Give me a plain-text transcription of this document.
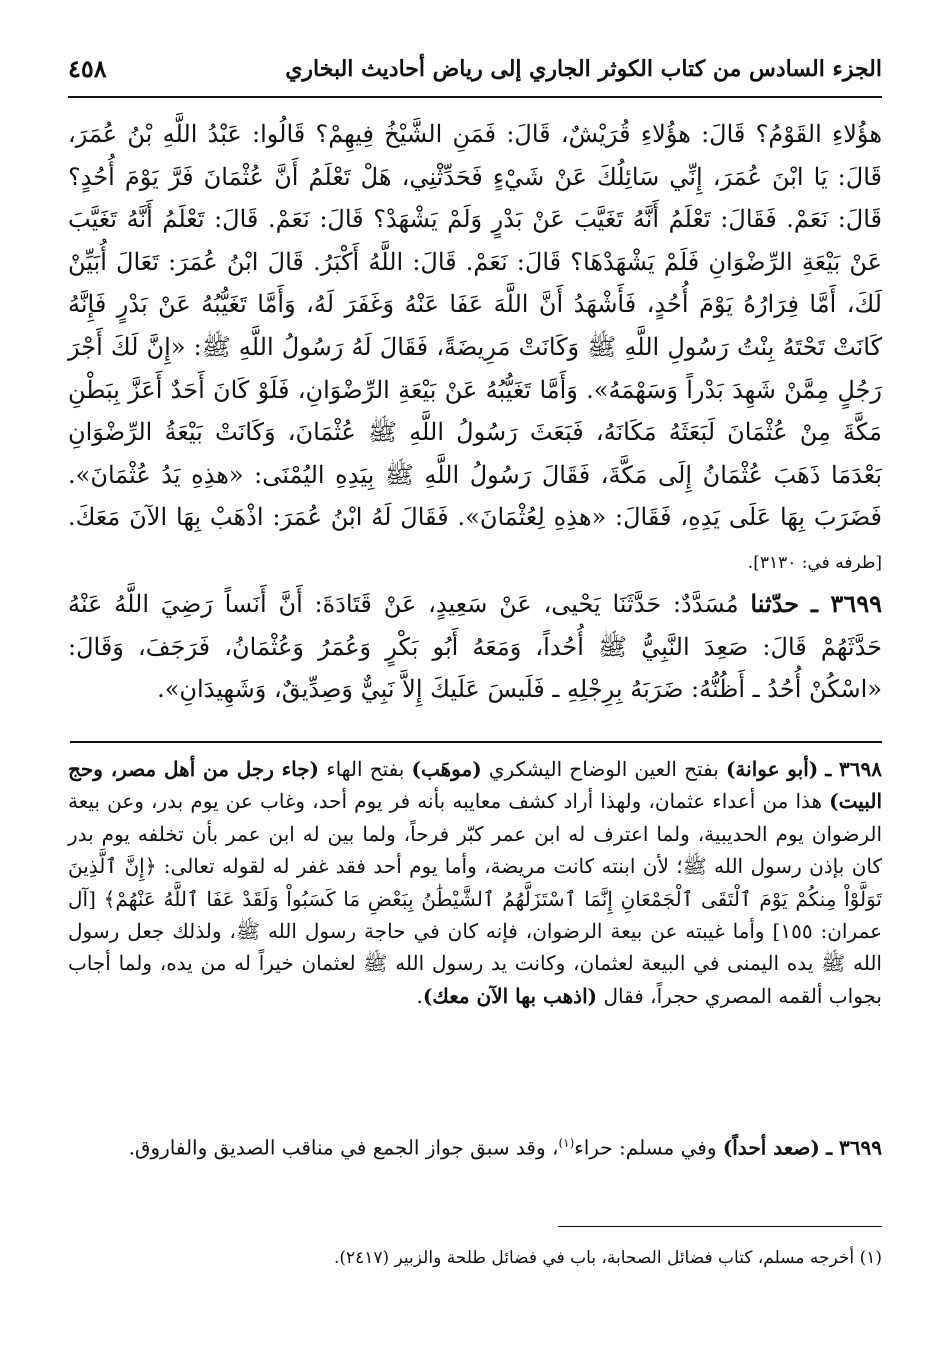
الجزء السادس من كتاب الكوثر الجاري إلى رياض أحاديث البخاري
٤٥٨
هؤُلاءِ القَوْمُ؟ قَالَ: هؤُلاءِ قُرَيْشٌ، قَالَ: فَمَنِ الشَّيْخُ فِيهِمْ؟ قَالُوا: عَبْدُ اللَّهِ بْنُ عُمَرَ، قَالَ: يَا ابْنَ عُمَرَ، إِنِّي سَائِلُكَ عَنْ شَيْءٍ فَحَدِّثْنِي، هَلْ تَعْلَمُ أَنَّ عُثْمَانَ فَرَّ يَوْمَ أُحُدٍ؟ قَالَ: نَعَمْ. فَقَالَ: تَعْلَمُ أَنَّهُ تَغَيَّبَ عَنْ بَدْرٍ وَلَمْ يَشْهَدْ؟ قَالَ: نَعَمْ. قَالَ: تَعْلَمُ أَنَّهُ تَغَيَّبَ عَنْ بَيْعَةِ الرِّضْوَانِ فَلَمْ يَشْهَدْهَا؟ قَالَ: نَعَمْ. قَالَ: اللَّهُ أَكْبَرُ. قَالَ ابْنُ عُمَرَ: تَعَالَ أُبَيِّنْ لَكَ، أَمَّا فِرَارُهُ يَوْمَ أُحُدٍ، فَأَشْهَدُ أَنَّ اللَّهَ عَفَا عَنْهُ وَغَفَرَ لَهُ، وَأَمَّا تَغَيُّبُهُ عَنْ بَدْرٍ فَإِنَّهُ كَانَتْ تَحْتَهُ بِنْتُ رَسُولِ اللَّهِ ﷺ وَكَانَتْ مَرِيضَةً، فَقَالَ لَهُ رَسُولُ اللَّهِ ﷺ: «إِنَّ لَكَ أَجْرَ رَجُلٍ مِمَّنْ شَهِدَ بَدْراً وَسَهْمَهُ». وَأَمَّا تَغَيُّبُهُ عَنْ بَيْعَةِ الرِّضْوَانِ، فَلَوْ كَانَ أَحَدٌ أَعَزَّ بِبَطْنِ مَكَّةَ مِنْ عُثْمَانَ لَبَعَثَهُ مَكَانَهُ، فَبَعَثَ رَسُولُ اللَّهِ ﷺ عُثْمَانَ، وَكَانَتْ بَيْعَةُ الرِّضْوَانِ بَعْدَمَا ذَهَبَ عُثْمَانُ إِلَى مَكَّةَ، فَقَالَ رَسُولُ اللَّهِ ﷺ بِيَدِهِ اليُمْنَى: «هذِهِ يَدُ عُثْمَانَ». فَضَرَبَ بِهَا عَلَى يَدِهِ، فَقَالَ: «هذِهِ لِعُثْمَانَ». فَقَالَ لَهُ ابْنُ عُمَرَ: اذْهَبْ بِهَا الآنَ مَعَكَ. [طرفه في: ٣١٣٠].
٣٦٩٩ ـ حدّثنا مُسَدَّدٌ: حَدَّثَنَا يَحْيى، عَنْ سَعِيدٍ، عَنْ قَتَادَةَ: أَنَّ أَنَساً رَضِيَ اللَّهُ عَنْهُ حَدَّثَهُمْ قَالَ: صَعِدَ النَّبِيُّ ﷺ أُحُداً، وَمَعَهُ أَبُو بَكْرٍ وَعُمَرُ وَعُثْمَانُ، فَرَجَفَ، وَقَالَ: «اسْكُنْ أُحُدُ ـ أَظُنُّهُ: ضَرَبَهُ بِرِجْلِهِ ـ فَلَيسَ عَلَيكَ إِلاَّ نَبِيٌّ وَصِدِّيقٌ، وَشَهِيدَانِ».
٣٦٩٨ ـ (أبو عوانة) بفتح العين الوضاح اليشكري (موهَب) بفتح الهاء (جاء رجل من أهل مصر، وحج البيت) هذا من أعداء عثمان، ولهذا أراد كشف معايبه بأنه فر يوم أحد، وغاب عن يوم بدر، وعن بيعة الرضوان يوم الحديبية، ولما اعترف له ابن عمر كبّر فرحاً، ولما بين له ابن عمر بأن تخلفه يوم بدر كان بإذن رسول الله ﷺ؛ لأن ابنته كانت مريضة، وأما يوم أحد فقد غفر له لقوله تعالى: ﴿إِنَّ ٱلَّذِينَ تَوَلَّوْاْ مِنكُمْ يَوْمَ ٱلْتَقَى ٱلْجَمْعَانِ إِنَّمَا ٱسْتَزَلَّهُمُ ٱلشَّيْطَٰنُ بِبَعْضِ مَا كَسَبُواْ وَلَقَدْ عَفَا ٱللَّهُ عَنْهُمْ﴾ [آل عمران: ١٥٥] وأما غيبته عن بيعة الرضوان، فإنه كان في حاجة رسول الله ﷺ، ولذلك جعل رسول الله ﷺ يده اليمنى في البيعة لعثمان، وكانت يد رسول الله ﷺ لعثمان خيراً له من يده، ولما أجاب بجواب ألقمه المصري حجراً، فقال (اذهب بها الآن معك).
٣٦٩٩ ـ (صعد أحداً) وفي مسلم: حراء$^{(١)}$، وقد سبق جواز الجمع في مناقب الصديق والفاروق.
(١) أخرجه مسلم، كتاب فضائل الصحابة، باب في فضائل طلحة والزبير (٢٤١٧).
